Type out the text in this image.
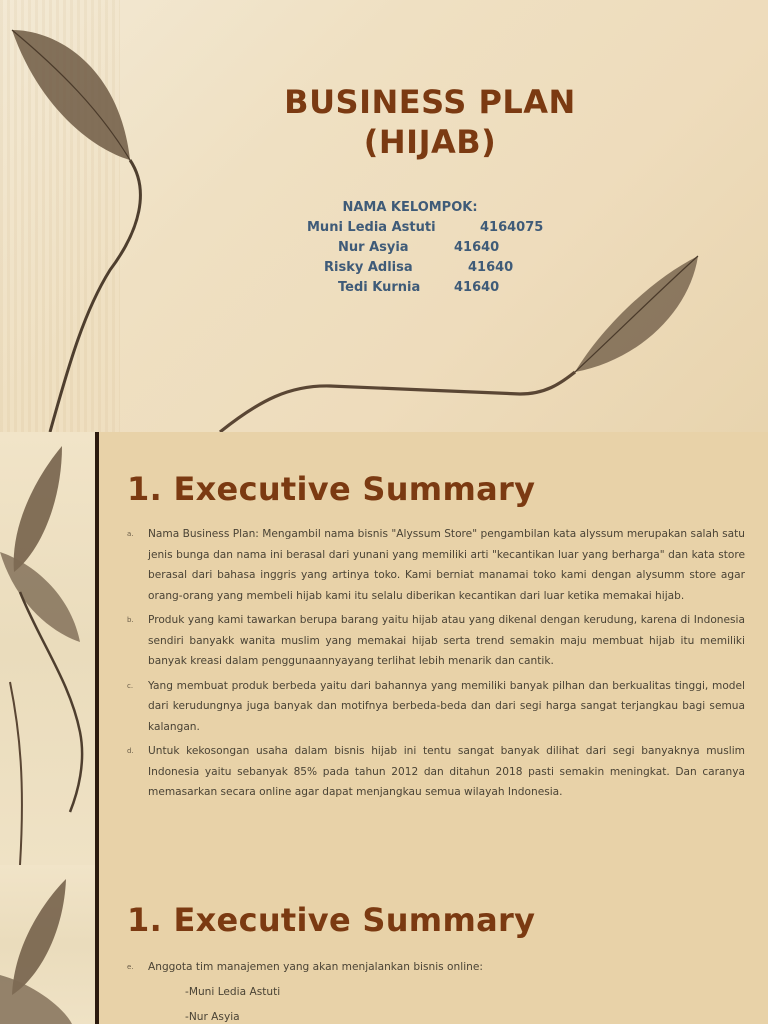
BUSINESS PLAN
(HIJAB)
NAMA KELOMPOK:
Muni Ledia Astuti	4164075
Nur Asyia	41640
Risky Adlisa	41640
Tedi Kurnia	41640
1. Executive Summary
a. Nama Business Plan: Mengambil nama bisnis "Alyssum Store" pengambilan kata alyssum merupakan salah satu jenis bunga dan nama ini berasal dari yunani yang memiliki arti "kecantikan luar yang berharga" dan kata store berasal dari bahasa inggris yang artinya toko. Kami berniat manamai toko kami dengan alysumm store agar orang-orang yang membeli hijab kami itu selalu diberikan kecantikan dari luar ketika memakai hijab.
b. Produk yang kami tawarkan berupa barang yaitu hijab atau yang dikenal dengan kerudung, karena di Indonesia sendiri banyakk wanita muslim yang memakai hijab serta trend semakin maju membuat hijab itu memiliki banyak kreasi dalam penggunaannyayang terlihat lebih menarik dan cantik.
c. Yang membuat produk berbeda yaitu dari bahannya yang memiliki banyak pilhan dan berkualitas tinggi, model dari kerudungnya juga banyak dan motifnya berbeda-beda dan dari segi harga sangat terjangkau bagi semua kalangan.
d. Untuk kekosongan usaha dalam bisnis hijab ini tentu sangat banyak dilihat dari segi banyaknya muslim Indonesia yaitu sebanyak 85% pada tahun 2012 dan ditahun 2018 pasti semakin meningkat. Dan caranya memasarkan secara online agar dapat menjangkau semua wilayah Indonesia.
1. Executive Summary
e. Anggota tim manajemen yang akan menjalankan bisnis online:
-Muni Ledia Astuti
-Nur Asyia
